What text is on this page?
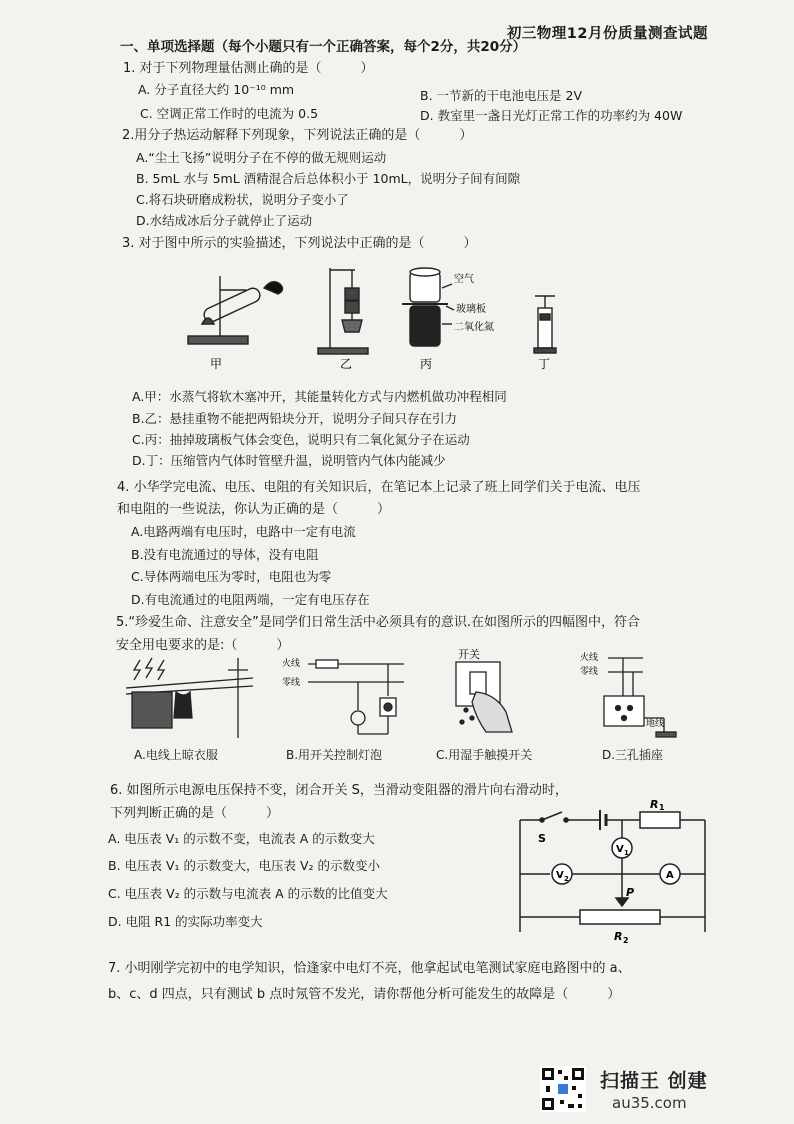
初三物理12月份质量测查试题
一、单项选择题（每个小题只有一个正确答案，每个2分，共20分）
1. 对于下列物理量估测止确的是（　　　）
A. 分子直径大约 10⁻¹⁰ mm	B. 一节新的干电池电压是 2V
C. 空调正常工作时的电流为 0.5	D. 教室里一盏日光灯正常工作的功率约为 40W
2.用分子热运动解释下列现象，下列说法正确的是（　　　）
A.“尘土飞扬”说明分子在不停的做无规则运动
B. 5mL 水与 5mL 酒精混合后总体积小于 10mL，说明分子间有间隙
C.将石块研磨成粉状，说明分子变小了
D.水结成冰后分子就停止了运动
3. 对于图中所示的实验描述，下列说法中正确的是（　　　）
甲	乙
空气
玻璃板
二氧化氮
丙	丁
A.甲：水蒸气将软木塞冲开，其能量转化方式与内燃机做功冲程相同
B.乙：悬挂重物不能把两铅块分开，说明分子间只存在引力
C.丙：抽掉玻璃板气体会变色，说明只有二氧化氮分子在运动
D.丁：压缩管内气体时管壁升温，说明管内气体内能减少
4. 小华学完电流、电压、电阻的有关知识后，在笔记本上记录了班上同学们关于电流、电压
和电阻的一些说法，你认为正确的是（　　　）
A.电路两端有电压时，电路中一定有电流
B.没有电流通过的导体，没有电阻
C.导体两端电压为零时，电阻也为零
D.有电流通过的电阻两端，一定有电压存在
5.“珍爱生命、注意安全”是同学们日常生活中必须具有的意识.在如图所示的四幅图中，符合
安全用电要求的是:（　　　）
火线
零线
开关	火线
零线
地线
A.电线上晾衣服	B.用开关控制灯泡	C.用湿手触摸开关	D.三孔插座
6. 如图所示电源电压保持不变，闭合开关 S，当滑动变阻器的滑片向右滑动时，
下列判断正确的是（　　　）
A. 电压表 V₁ 的示数不变，电流表 A 的示数变大
B. 电压表 V₁ 的示数变大，电压表 V₂ 的示数变小
C. 电压表 V₂ 的示数与电流表 A 的示数的比值变大
D. 电阻 R1 的实际功率变大
S
R 1
V 1
V 2	A
P
R 2
7. 小明刚学完初中的电学知识，恰逢家中电灯不亮，他拿起试电笔测试家庭电路图中的 a、
b、c、d 四点，只有测试 b 点时氖管不发光，请你帮他分析可能发生的故障是（　　　）
扫描王 创建
au35.com
